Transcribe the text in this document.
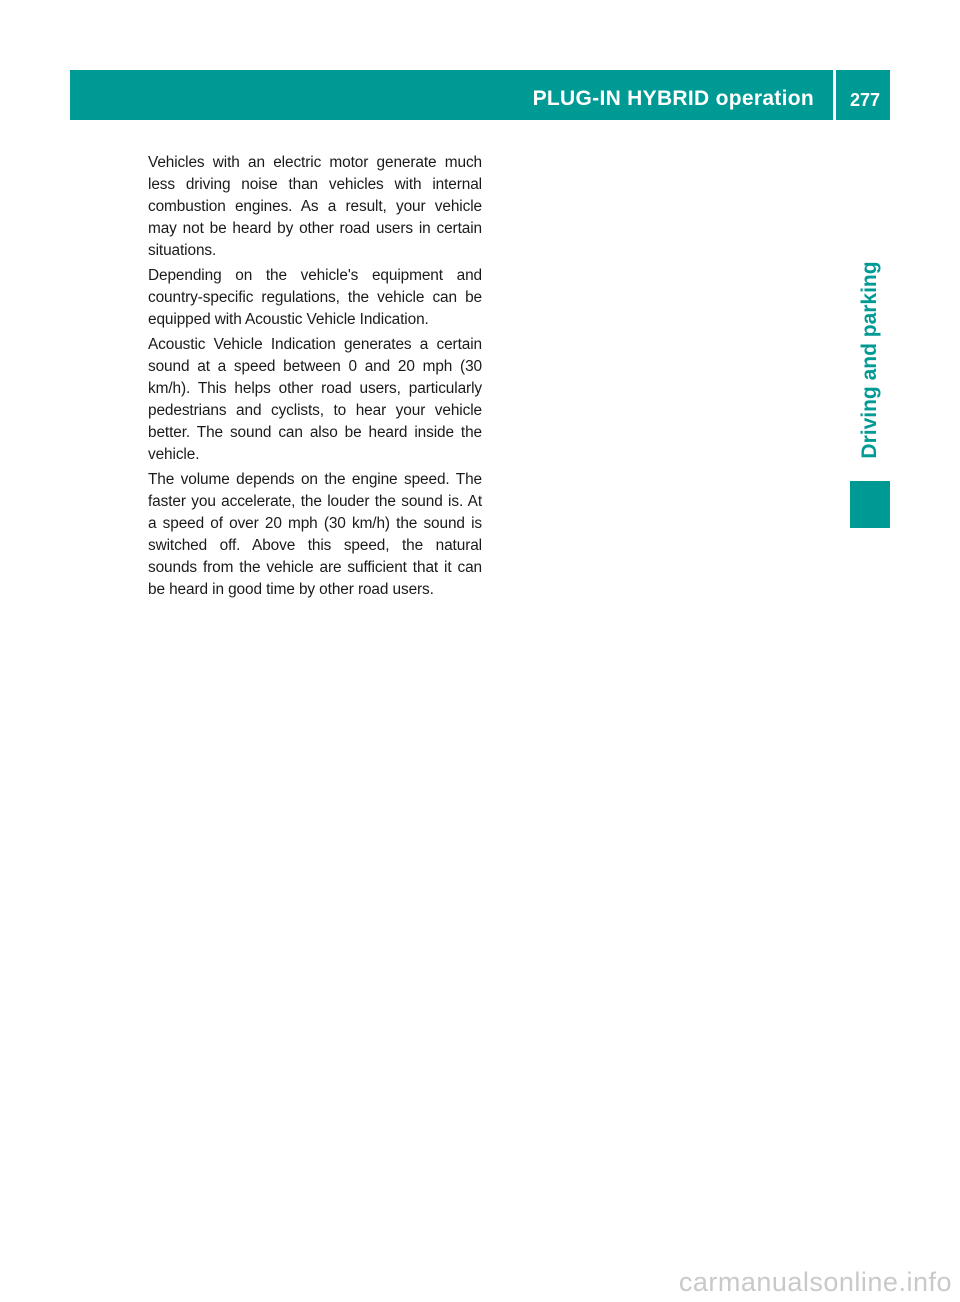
PLUG-IN HYBRID operation	277

Vehicles with an electric motor generate much less driving noise than vehicles with internal combustion engines. As a result, your vehicle may not be heard by other road users in certain situations.

Depending on the vehicle's equipment and country-specific regulations, the vehicle can be equipped with Acoustic Vehicle Indication.

Acoustic Vehicle Indication generates a certain sound at a speed between 0 and 20 mph (30 km/h). This helps other road users, particularly pedestrians and cyclists, to hear your vehicle better. The sound can also be heard inside the vehicle.

The volume depends on the engine speed. The faster you accelerate, the louder the sound is. At a speed of over 20 mph (30 km/h) the sound is switched off. Above this speed, the natural sounds from the vehicle are sufficient that it can be heard in good time by other road users.

Driving and parking
carmanualsonline.info
